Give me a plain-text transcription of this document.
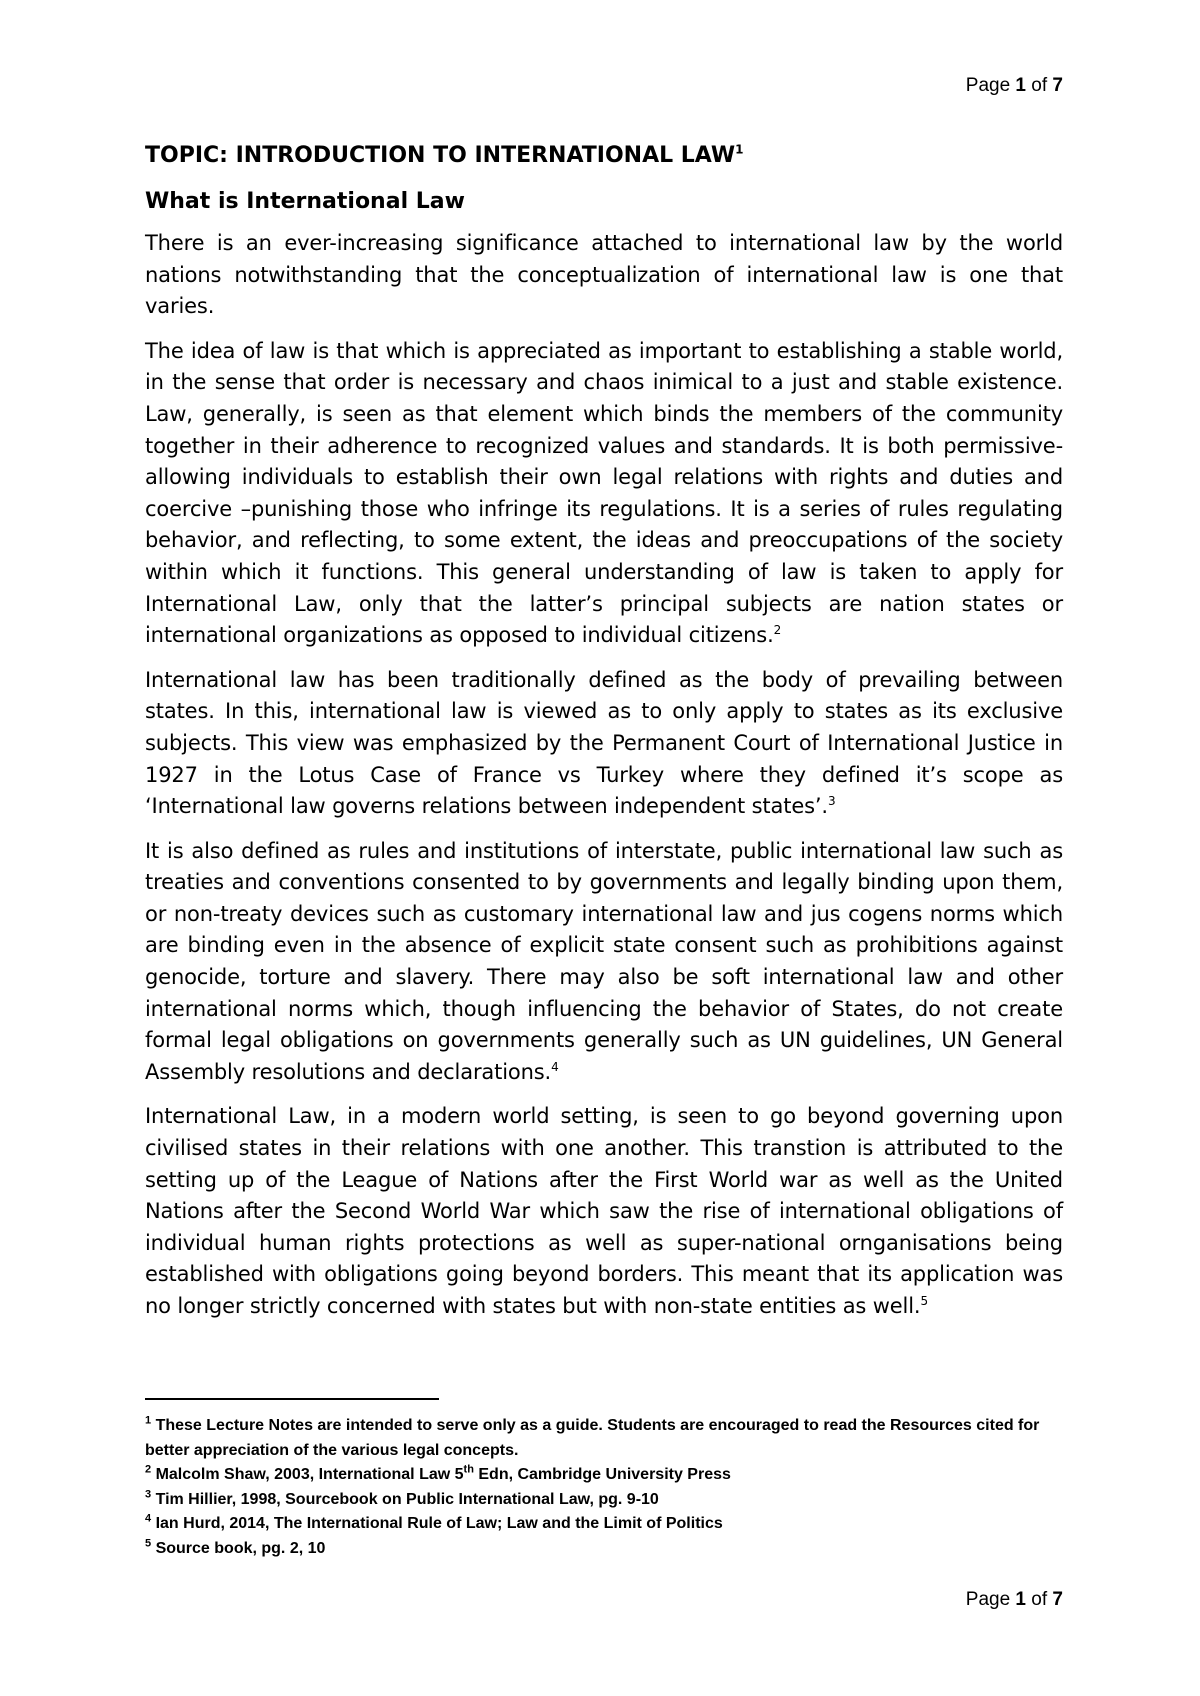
Page 1 of 7
TOPIC: INTRODUCTION TO INTERNATIONAL LAW$^1$
What is International Law

There is an ever-increasing significance attached to international law by the world nations notwithstanding that the conceptualization of international law is one that varies.

The idea of law is that which is appreciated as important to establishing a stable world, in the sense that order is necessary and chaos inimical to a just and stable existence. Law, generally, is seen as that element which binds the members of the community together in their adherence to recognized values and standards. It is both permissive-allowing individuals to establish their own legal relations with rights and duties and coercive –punishing those who infringe its regulations. It is a series of rules regulating behavior, and reflecting, to some extent, the ideas and preoccupations of the society within which it functions. This general understanding of law is taken to apply for International Law, only that the latter’s principal subjects are nation states or international organizations as opposed to individual citizens.$^2$

International law has been traditionally defined as the body of prevailing between states. In this, international law is viewed as to only apply to states as its exclusive subjects. This view was emphasized by the Permanent Court of International Justice in 1927 in the Lotus Case of France vs Turkey where they defined it’s scope as ‘International law governs relations between independent states’.$^3$

It is also defined as rules and institutions of interstate, public international law such as treaties and conventions consented to by governments and legally binding upon them, or non-treaty devices such as customary international law and jus cogens norms which are binding even in the absence of explicit state consent such as prohibitions against genocide, torture and slavery. There may also be soft international law and other international norms which, though influencing the behavior of States, do not create formal legal obligations on governments generally such as UN guidelines, UN General Assembly resolutions and declarations.$^4$

International Law, in a modern world setting, is seen to go beyond governing upon civilised states in their relations with one another. This transtion is attributed to the setting up of the League of Nations after the First World war as well as the United Nations after the Second World War which saw the rise of international obligations of individual human rights protections as well as super-national ornganisations being established with obligations going beyond borders. This meant that its application was no longer strictly concerned with states but with non-state entities as well.$^5$

$^1$ These Lecture Notes are intended to serve only as a guide. Students are encouraged to read the Resources cited for better appreciation of the various legal concepts.
$^2$ Malcolm Shaw, 2003, International Law 5th Edn, Cambridge University Press
$^3$ Tim Hillier, 1998, Sourcebook on Public International Law, pg. 9-10
$^4$ Ian Hurd, 2014, The International Rule of Law; Law and the Limit of Politics
$^5$ Source book, pg. 2, 10
Page 1 of 7
